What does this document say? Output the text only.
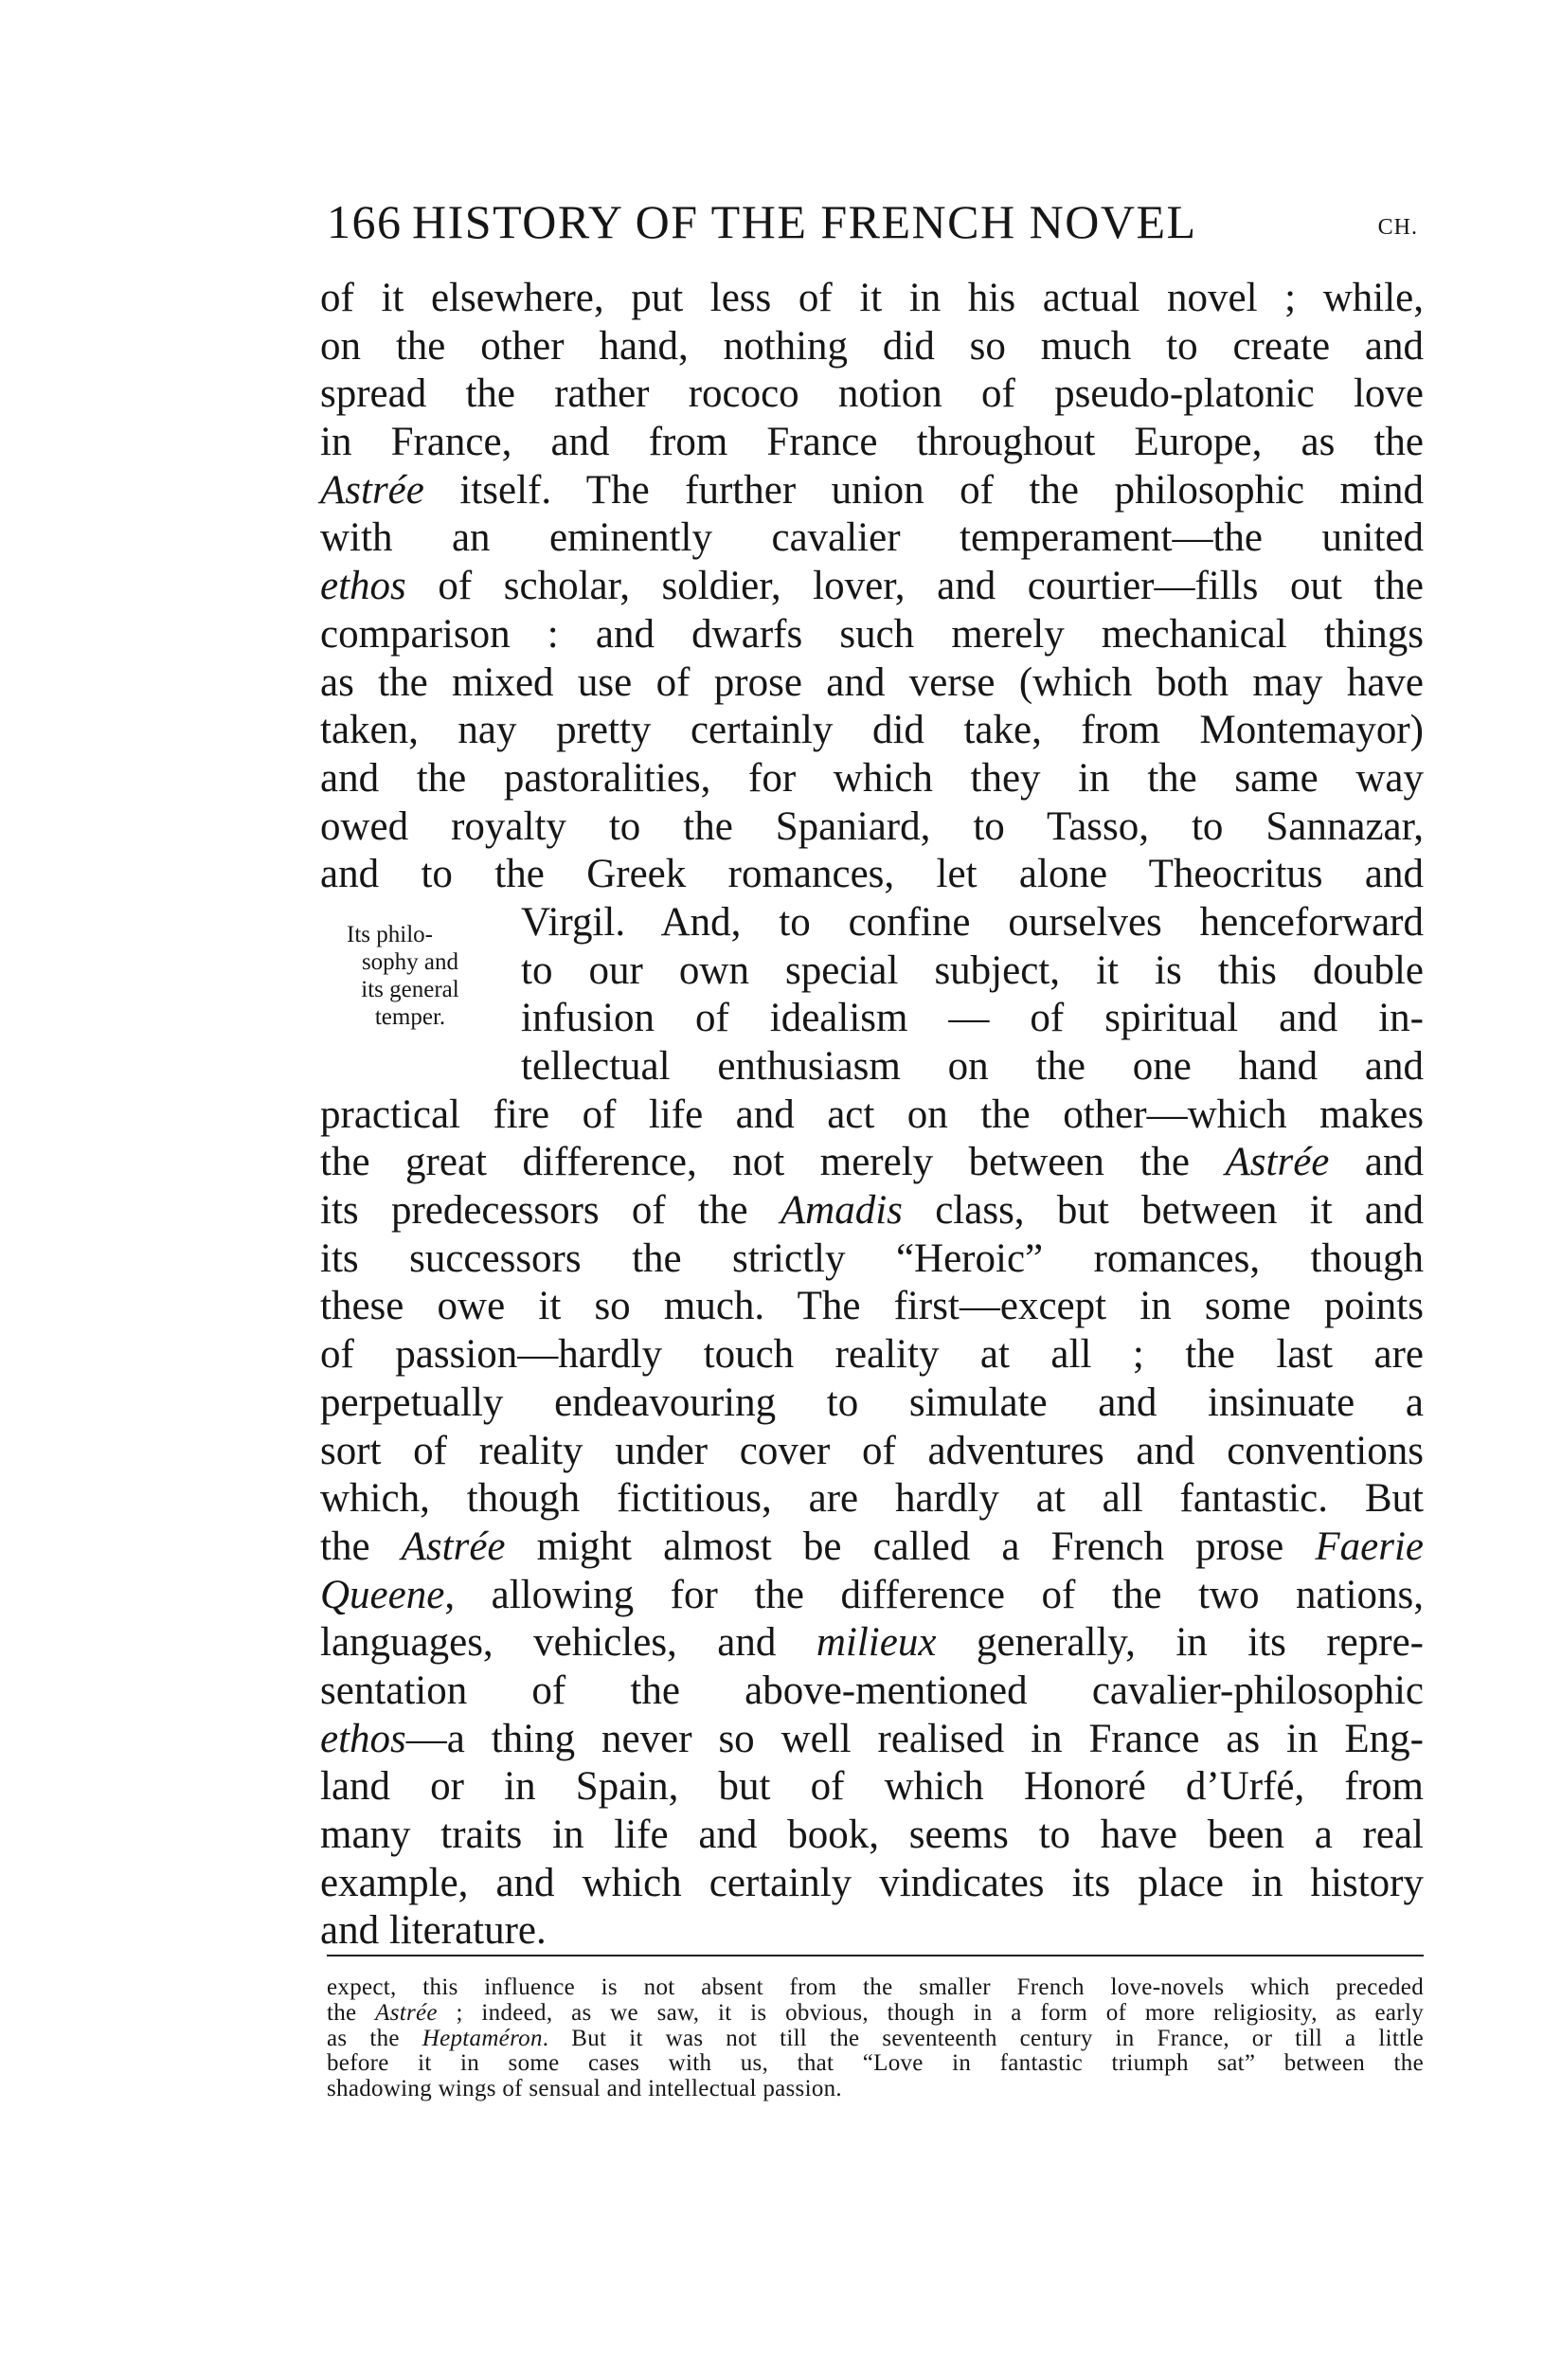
166 HISTORY OF THE FRENCH NOVEL	CH.
Its philo-
sophy and
its general
temper.
of it elsewhere, put less of it in his actual novel ; while,
on the other hand, nothing did so much to create and
spread the rather rococo notion of pseudo-platonic love
in France, and from France throughout Europe, as the
Astrée itself. The further union of the philosophic mind
with an eminently cavalier temperament—the united
ethos of scholar, soldier, lover, and courtier—fills out the
comparison : and dwarfs such merely mechanical things
as the mixed use of prose and verse (which both may have
taken, nay pretty certainly did take, from Montemayor)
and the pastoralities, for which they in the same way
owed royalty to the Spaniard, to Tasso, to Sannazar,
and to the Greek romances, let alone Theocritus and
Virgil. And, to confine ourselves henceforward
to our own special subject, it is this double
infusion of idealism — of spiritual and in-
tellectual enthusiasm on the one hand and
practical fire of life and act on the other—which makes
the great difference, not merely between the Astrée and
its predecessors of the Amadis class, but between it and
its successors the strictly “Heroic” romances, though
these owe it so much. The first—except in some points
of passion—hardly touch reality at all ; the last are
perpetually endeavouring to simulate and insinuate a
sort of reality under cover of adventures and conventions
which, though fictitious, are hardly at all fantastic. But
the Astrée might almost be called a French prose Faerie
Queene, allowing for the difference of the two nations,
languages, vehicles, and milieux generally, in its repre-
sentation of the above-mentioned cavalier-philosophic
ethos—a thing never so well realised in France as in Eng-
land or in Spain, but of which Honoré d’Urfé, from
many traits in life and book, seems to have been a real
example, and which certainly vindicates its place in history
and literature.
expect, this influence is not absent from the smaller French love-novels which preceded
the Astrée ; indeed, as we saw, it is obvious, though in a form of more religiosity, as early
as the Heptaméron. But it was not till the seventeenth century in France, or till a little
before it in some cases with us, that “Love in fantastic triumph sat” between the
shadowing wings of sensual and intellectual passion.
